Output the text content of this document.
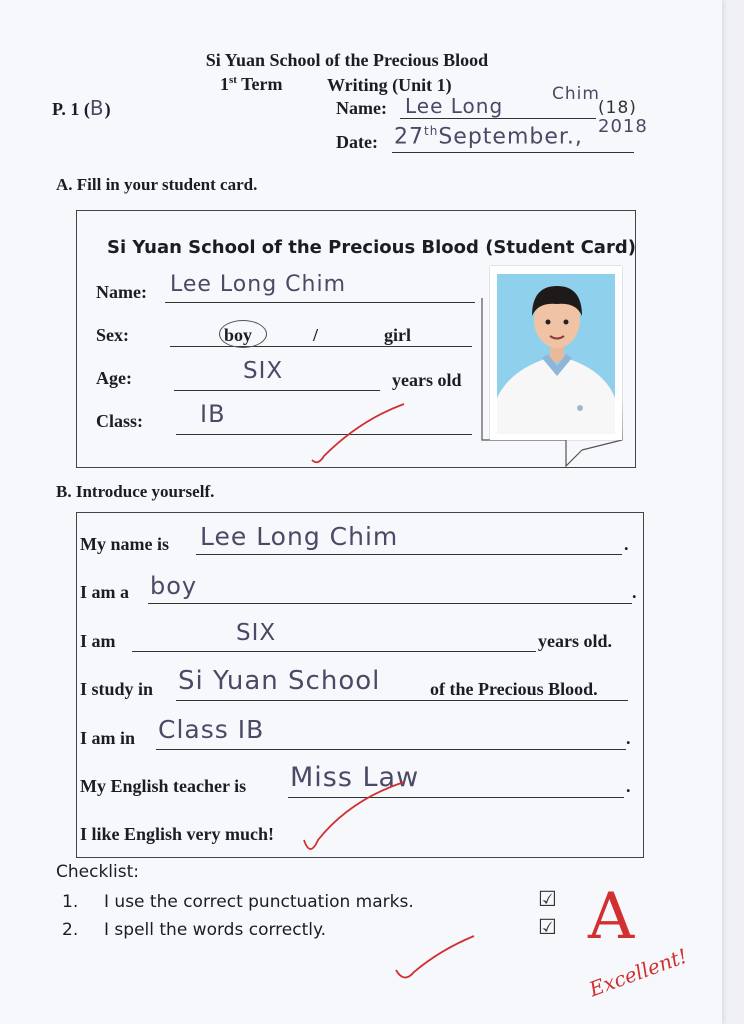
Si Yuan School of the Precious Blood
1st Term Writing (Unit 1)
P. 1 (B)	Name: Lee Long	Chim
(18)
Date: 27thSeptember., 2018
A. Fill in your student card.
Si Yuan School of the Precious Blood (Student Card)
Name: Lee Long Chim
Sex:	boy	/	girl
Age:	SIX	years old
Class: IB
B. Introduce yourself.
My name is Lee Long Chim	.
I am a boy	.
I am	SIX	years old.
I study in Si Yuan School	of the Precious Blood.
I am in Class IB	.
My English teacher is Miss Law	.
I like English very much!
Checklist:
1. I use the correct punctuation marks.	☑
2. I spell the words correctly.	☑ A
Excellent!
